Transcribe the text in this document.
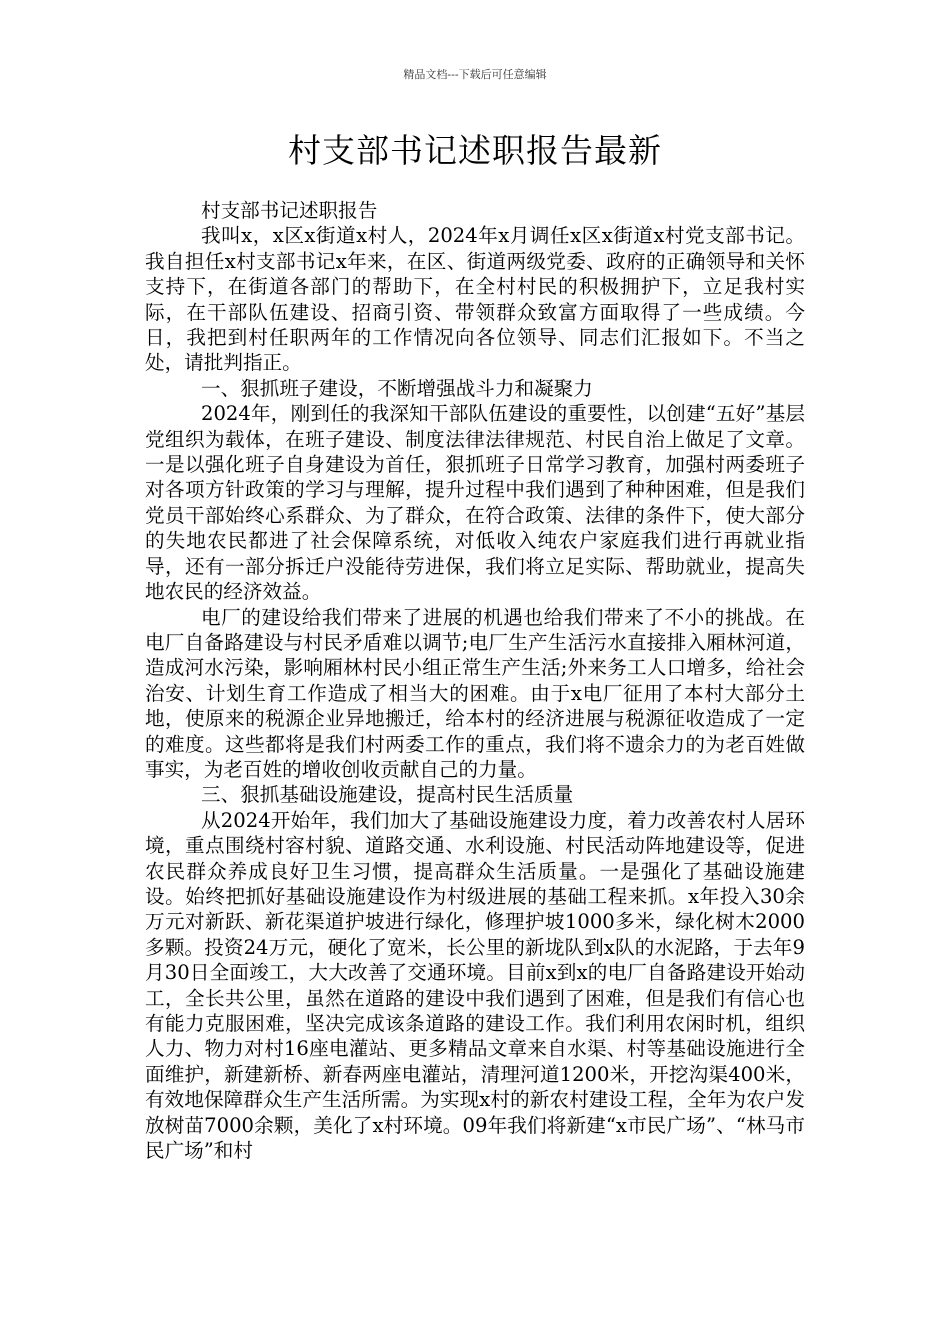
精品文档---下载后可任意编辑
村支部书记述职报告最新

村支部书记述职报告

我叫x，x区x街道x村人，2024年x月调任x区x街道x村党支部书记。我自担任x村支部书记x年来，在区、街道两级党委、政府的正确领导和关怀支持下，在街道各部门的帮助下，在全村村民的积极拥护下，立足我村实际，在干部队伍建设、招商引资、带领群众致富方面取得了一些成绩。今日，我把到村任职两年的工作情况向各位领导、同志们汇报如下。不当之处，请批判指正。

一、狠抓班子建设，不断增强战斗力和凝聚力

2024年，刚到任的我深知干部队伍建设的重要性，以创建“五好”基层党组织为载体，在班子建设、制度法律法律规范、村民自治上做足了文章。一是以强化班子自身建设为首任，狠抓班子日常学习教育，加强村两委班子对各项方针政策的学习与理解，提升过程中我们遇到了种种困难，但是我们党员干部始终心系群众、为了群众，在符合政策、法律的条件下，使大部分的失地农民都进了社会保障系统，对低收入纯农户家庭我们进行再就业指导，还有一部分拆迁户没能待劳进保，我们将立足实际、帮助就业，提高失地农民的经济效益。

电厂的建设给我们带来了进展的机遇也给我们带来了不小的挑战。在电厂自备路建设与村民矛盾难以调节;电厂生产生活污水直接排入厢林河道，造成河水污染，影响厢林村民小组正常生产生活;外来务工人口增多，给社会治安、计划生育工作造成了相当大的困难。由于x电厂征用了本村大部分土地，使原来的税源企业异地搬迁，给本村的经济进展与税源征收造成了一定的难度。这些都将是我们村两委工作的重点，我们将不遗余力的为老百姓做事实，为老百姓的增收创收贡献自己的力量。

三、狠抓基础设施建设，提高村民生活质量

从2024开始年，我们加大了基础设施建设力度，着力改善农村人居环境，重点围绕村容村貌、道路交通、水利设施、村民活动阵地建设等，促进农民群众养成良好卫生习惯，提高群众生活质量。一是强化了基础设施建设。始终把抓好基础设施建设作为村级进展的基础工程来抓。x年投入30余万元对新跃、新花渠道护坡进行绿化，修理护坡1000多米，绿化树木2000多颗。投资24万元，硬化了宽米，长公里的新垅队到x队的水泥路，于去年9月30日全面竣工，大大改善了交通环境。目前x到x的电厂自备路建设开始动工，全长共公里，虽然在道路的建设中我们遇到了困难，但是我们有信心也有能力克服困难，坚决完成该条道路的建设工作。我们利用农闲时机，组织人力、物力对村16座电灌站、更多精品文章来自水渠、村等基础设施进行全面维护，新建新桥、新春两座电灌站，清理河道1200米，开挖沟渠400米，有效地保障群众生产生活所需。为实现x村的新农村建设工程，全年为农户发放树苗7000余颗，美化了x村环境。09年我们将新建“x市民广场”、“林马市民广场”和村
